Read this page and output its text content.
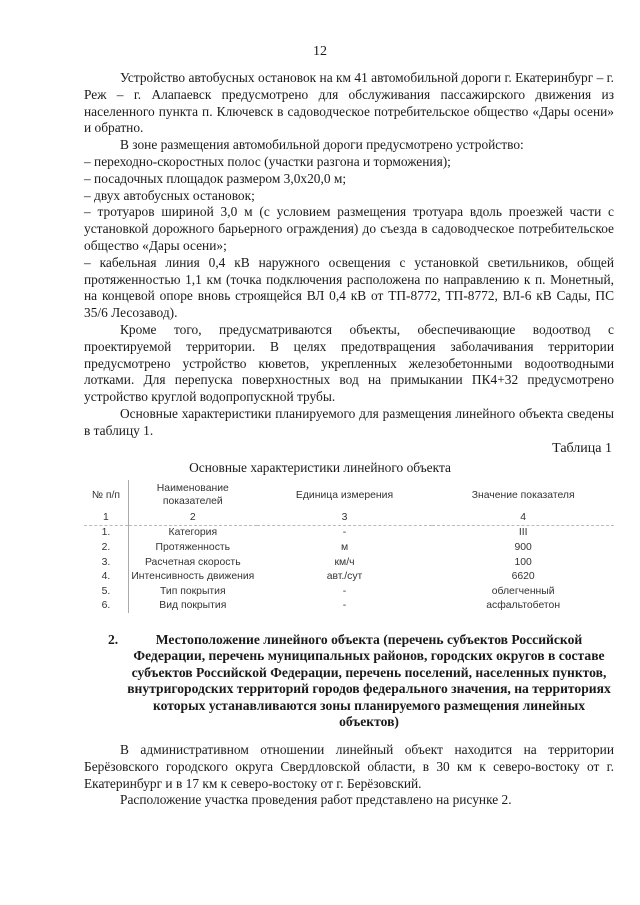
12

Устройство автобусных остановок на км 41 автомобильной дороги г. Екатеринбург – г. Реж – г. Алапаевск предусмотрено для обслуживания пассажирского движения из населенного пункта п. Ключевск в садоводческое потребительское общество «Дары осени» и обратно.

В зоне размещения автомобильной дороги предусмотрено устройство:

– переходно-скоростных полос (участки разгона и торможения);

– посадочных площадок размером 3,0х20,0 м;

– двух автобусных остановок;

– тротуаров шириной 3,0 м (с условием размещения тротуара вдоль проезжей части с установкой дорожного барьерного ограждения) до съезда в садоводческое потребительское общество «Дары осени»;

– кабельная линия 0,4 кВ наружного освещения с установкой светильников, общей протяженностью 1,1 км (точка подключения расположена по направлению к п. Монетный, на концевой опоре вновь строящейся ВЛ 0,4 кВ от ТП-8772, ТП-8772, ВЛ-6 кВ Сады, ПС 35/6 Лесозавод).

Кроме того, предусматриваются объекты, обеспечивающие водоотвод с проектируемой территории. В целях предотвращения заболачивания территории предусмотрено устройство кюветов, укрепленных железобетонными водоотводными лотками. Для перепуска поверхностных вод на примыкании ПК4+32 предусмотрено устройство круглой водопропускной трубы.

Основные характеристики планируемого для размещения линейного объекта сведены в таблицу 1.

Таблица 1
Основные характеристики линейного объекта
№ п/п	Наименование показателей	Единица измерения	Значение показателя
1	2	3	4
1.	Категория	-	III
2.	Протяженность	м	900
3.	Расчетная скорость	км/ч	100
4.	Интенсивность движения	авт./сут	6620
5.	Тип покрытия	-	облегченный
6.	Вид покрытия	-	асфальтобетон
2.	Местоположение линейного объекта (перечень субъектов Российской Федерации, перечень муниципальных районов, городских округов в составе субъектов Российской Федерации, перечень поселений, населенных пунктов, внутригородских территорий городов федерального значения, на территориях которых устанавливаются зоны планируемого размещения линейных объектов)

В административном отношении линейный объект находится на территории Берёзовского городского округа Свердловской области, в 30 км к северо-востоку от г. Екатеринбург и в 17 км к северо-востоку от г. Берёзовский.

Расположение участка проведения работ представлено на рисунке 2.
